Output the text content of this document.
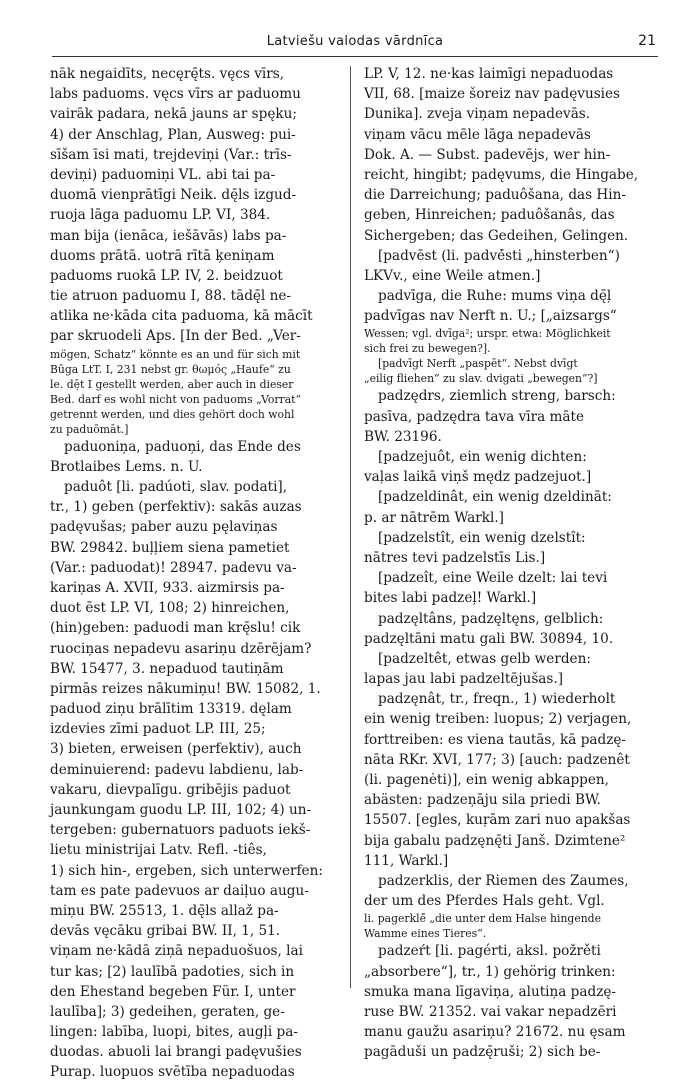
Latviešu valodas vārdnīca	21
nāk negaidīts, necęrę̄ts. vęcs vīrs,
labs paduoms. vęcs vīrs ar paduomu
vairāk padara, nekā jauns ar spęku;
4) der Anschlag, Plan, Ausweg: pui-
sīšam īsi mati, trejdeviņi (Var.: trīs-
deviņi) paduomiņi VL. abi tai pa-
duomā vienprātīgi Neik. dę̄ls izgud-
ruoja lāga paduomu LP. VI, 384.
man bija (ienāca, iešāvās) labs pa-
duoms prātā. uotrā rītā ķeniņam
paduoms ruokā LP. IV, 2. beidzuot
tie atruon paduomu I, 88. tādę̄l ne-
atlika ne·kāda cita paduoma, kā mācīt
par skruodeli Aps. [In der Bed. „Ver-
mögen, Schatz“ könnte es an und für sich mit
Būga LtT. I, 231 nebst gr. θωμός „Haufe“ zu
le. dē̦t I gestellt werden, aber auch in dieser
Bed. darf es wohl nicht von paduoms „Vorrat“
getrennt werden, und dies gehört doch wohl
zu paduōmāt.]
paduoniņa, paduoņi, das Ende des
Brotlaibes Lems. n. U.
paduôt [li. padúoti, slav. podati],
tr., 1) geben (perfektiv): sakās auzas
padęvušas; paber auzu pęlaviņas
BW. 29842. buļļiem siena pametiet
(Var.: paduodat)! 28947. padevu va-
kariņas A. XVII, 933. aizmirsis pa-
duot ēst LP. VI, 108; 2) hinreichen,
(hin)geben: paduodi man krę̄slu! cik
ruociņas nepadevu asariņu dzērējam?
BW. 15477, 3. nepaduod tautiņām
pirmās reizes nākumiņu! BW. 15082, 1.
paduod ziņu brālītim 13319. dęlam
izdevies zīmi paduot LP. III, 25;
3) bieten, erweisen (perfektiv), auch
deminuierend: padevu labdienu, lab-
vakaru, dievpalīgu. gribējis paduot
jaunkungam guodu LP. III, 102; 4) un-
tergeben: gubernatuors paduots iekš-
lietu ministrijai Latv. Refl. -tiês,
1) sich hin-, ergeben, sich unterwerfen:
tam es pate padevuos ar daiļuo augu-
miņu BW. 25513, 1. dę̄ls allaž pa-
devās vęcāku gribai BW. II, 1, 51.
viņam ne·kādā ziņā nepaduošuos, lai
tur kas; [2) laulībā padoties, sich in
den Ehestand begeben Für. I, unter
laulība]; 3) gedeihen, geraten, ge-
lingen: labība, luopi, bites, augļi pa-
duodas. abuoli lai brangi padęvušies
Purap. luopuos svētība nepaduodas
LP. V, 12. ne·kas laimīgi nepaduodas
VII, 68. [maize šoreiz nav padęvusies
Dunika]. zveja viņam nepadevās.
viņam vācu mēle lāga nepadevās
Dok. A. — Subst. padevējs, wer hin-
reicht, hingibt; padęvums, die Hingabe,
die Darreichung; paduôšana, das Hin-
geben, Hinreichen; paduôšanâs, das
Sichergeben; das Gedeihen, Gelingen.
[padvēst (li. padvė́sti „hinsterben“)
LKVv., eine Weile atmen.]
padvīga, die Ruhe: mums viņa dę̄ļ
padvīgas nav Nerft n. U.; [„aizsargs“
Wessen; vgl. dvīga²; urspr. etwa: Möglichkeit
sich frei zu bewegen?].
[padvīgt Nerft „paspēt“. Nebst dvīgt
„eilig fliehen“ zu slav. dvigati „bewegen“?]
padzędrs, ziemlich streng, barsch:
pasīva, padzędra tava vīra māte
BW. 23196.
[padzejuôt, ein wenig dichten:
vaļas laikā viņš mędz padzejuot.]
[padzeldinât, ein wenig dzeldināt:
p. ar nātrēm Warkl.]
[padzelstît, ein wenig dzelstît:
nātres tevi padzelstīs Lis.]
[padzeît, eine Weile dzelt: lai tevi
bites labi padzeļ! Warkl.]
padzęltâns, padzęltęns, gelblich:
padzęltāni matu gali BW. 30894, 10.
[padzeltêt, etwas gelb werden:
lapas jau labi padzeltējušas.]
padzęnât, tr., freqn., 1) wiederholt
ein wenig treiben: luopus; 2) verjagen,
forttreiben: es viena tautās, kā padzę-
nāta RKr. XVI, 177; 3) [auch: padzenêt
(li. pagenėti)], ein wenig abkappen,
abästen: padzeņāju sila priedi BW.
15507. [egles, kuŗām zari nuo apakšas
bija gabalu padzęnę̄ti Janš. Dzimtene²
111, Warkl.]
padzerklis, der Riemen des Zaumes,
der um des Pferdes Hals geht. Vgl.
li. pagerklė̃ „die unter dem Halse hingende
Wamme eines Tieres“.
padzeŕt [li. pagérti, aksl. požrěti
„absorbere“], tr., 1) gehörig trinken:
smuka mana līgaviņa, alutiņa padzę-
rusе BW. 21352. vai vakar nepadzēri
manu gaužu asariņu? 21672. nu ęsam
pagāduši un padzę̄ruši; 2) sich be-
